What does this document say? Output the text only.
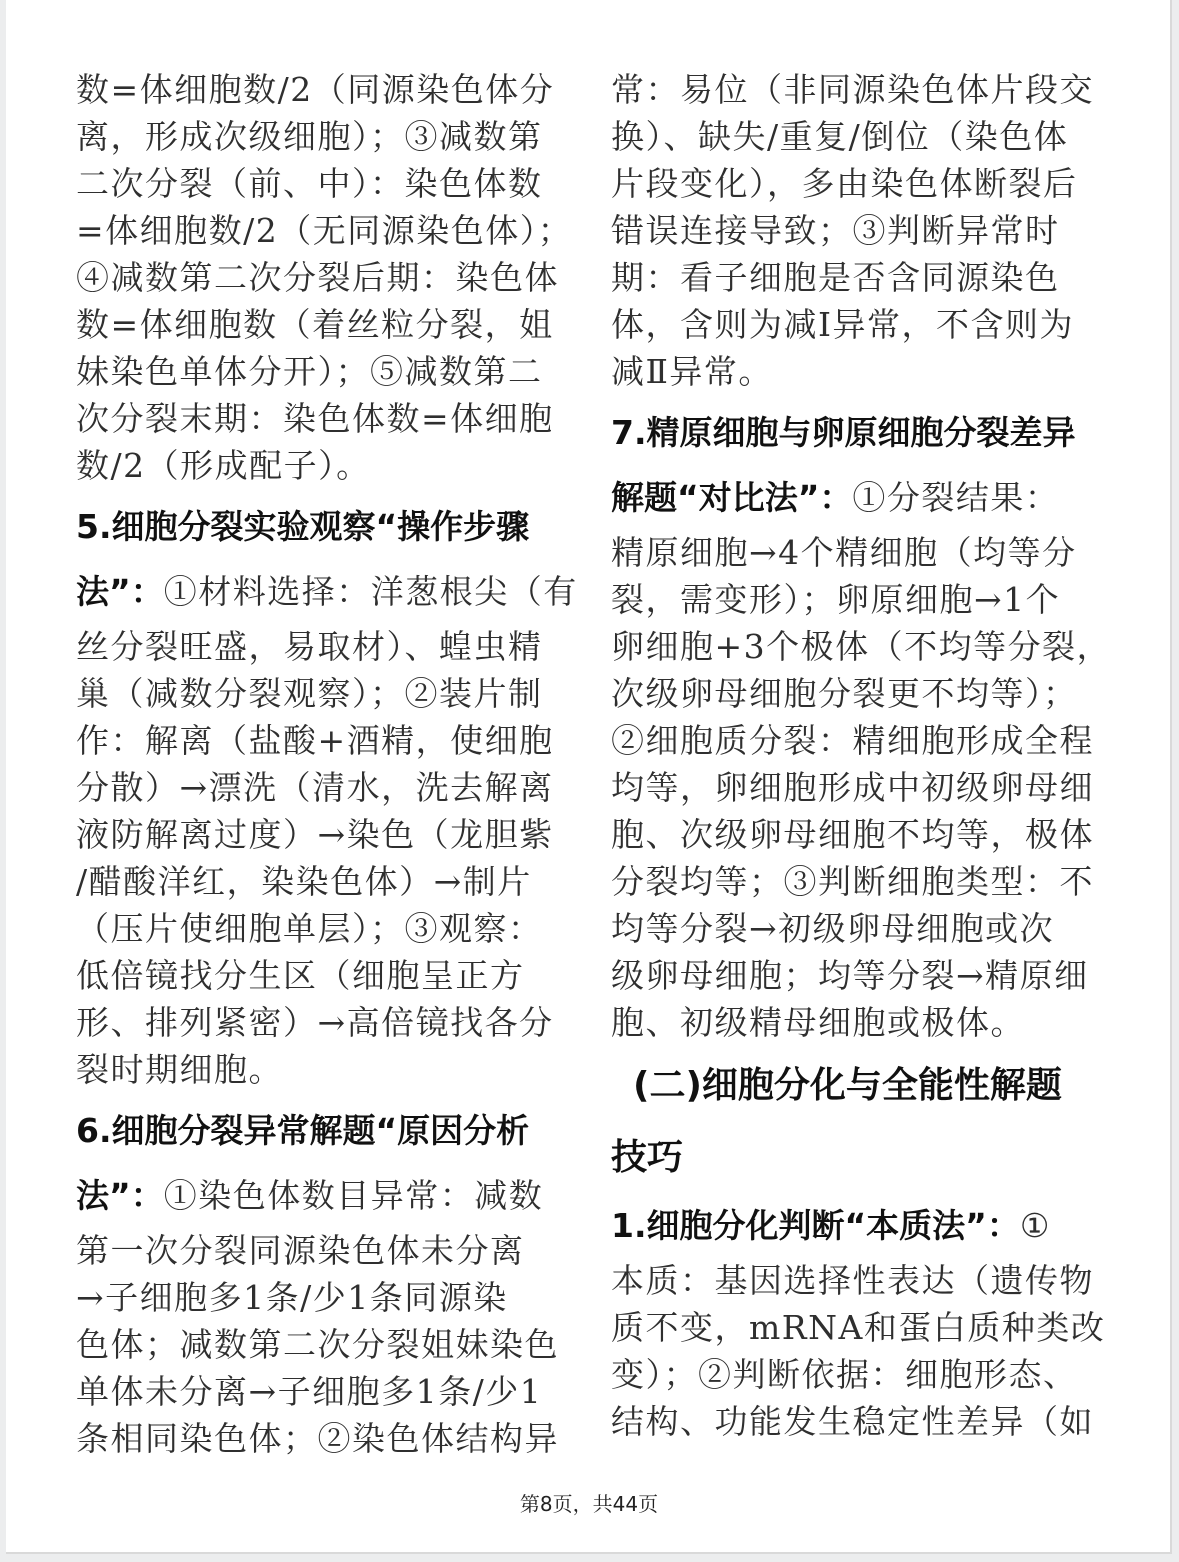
数=体细胞数/2（同源染色体分
离，形成次级细胞）；③减数第
二次分裂（前、中）：染色体数
=体细胞数/2（无同源染色体）；
④减数第二次分裂后期：染色体
数=体细胞数（着丝粒分裂，姐
妹染色单体分开）；⑤减数第二
次分裂末期：染色体数=体细胞
数/2（形成配子）。
5.细胞分裂实验观察“操作步骤
法”：①材料选择：洋葱根尖（有
丝分裂旺盛，易取材）、蝗虫精
巢（减数分裂观察）；②装片制
作：解离（盐酸+酒精，使细胞
分散）→漂洗（清水，洗去解离
液防解离过度）→染色（龙胆紫
/醋酸洋红，染染色体）→制片
（压片使细胞单层）；③观察：
低倍镜找分生区（细胞呈正方
形、排列紧密）→高倍镜找各分
裂时期细胞。
6.细胞分裂异常解题“原因分析
法”：①染色体数目异常：减数
第一次分裂同源染色体未分离
→子细胞多1条/少1条同源染
色体；减数第二次分裂姐妹染色
单体未分离→子细胞多1条/少1
条相同染色体；②染色体结构异
常：易位（非同源染色体片段交
换）、缺失/重复/倒位（染色体
片段变化），多由染色体断裂后
错误连接导致；③判断异常时
期：看子细胞是否含同源染色
体，含则为减Ⅰ异常，不含则为
减Ⅱ异常。
7.精原细胞与卵原细胞分裂差异
解题“对比法”：①分裂结果：
精原细胞→4个精细胞（均等分
裂，需变形）；卵原细胞→1个
卵细胞+3个极体（不均等分裂，
次级卵母细胞分裂更不均等）；
②细胞质分裂：精细胞形成全程
均等，卵细胞形成中初级卵母细
胞、次级卵母细胞不均等，极体
分裂均等；③判断细胞类型：不
均等分裂→初级卵母细胞或次
级卵母细胞；均等分裂→精原细
胞、初级精母细胞或极体。
(二)细胞分化与全能性解题
技巧
1.细胞分化判断“本质法”：①
本质：基因选择性表达（遗传物
质不变，mRNA和蛋白质种类改
变）；②判断依据：细胞形态、
结构、功能发生稳定性差异（如
第8页，共44页
